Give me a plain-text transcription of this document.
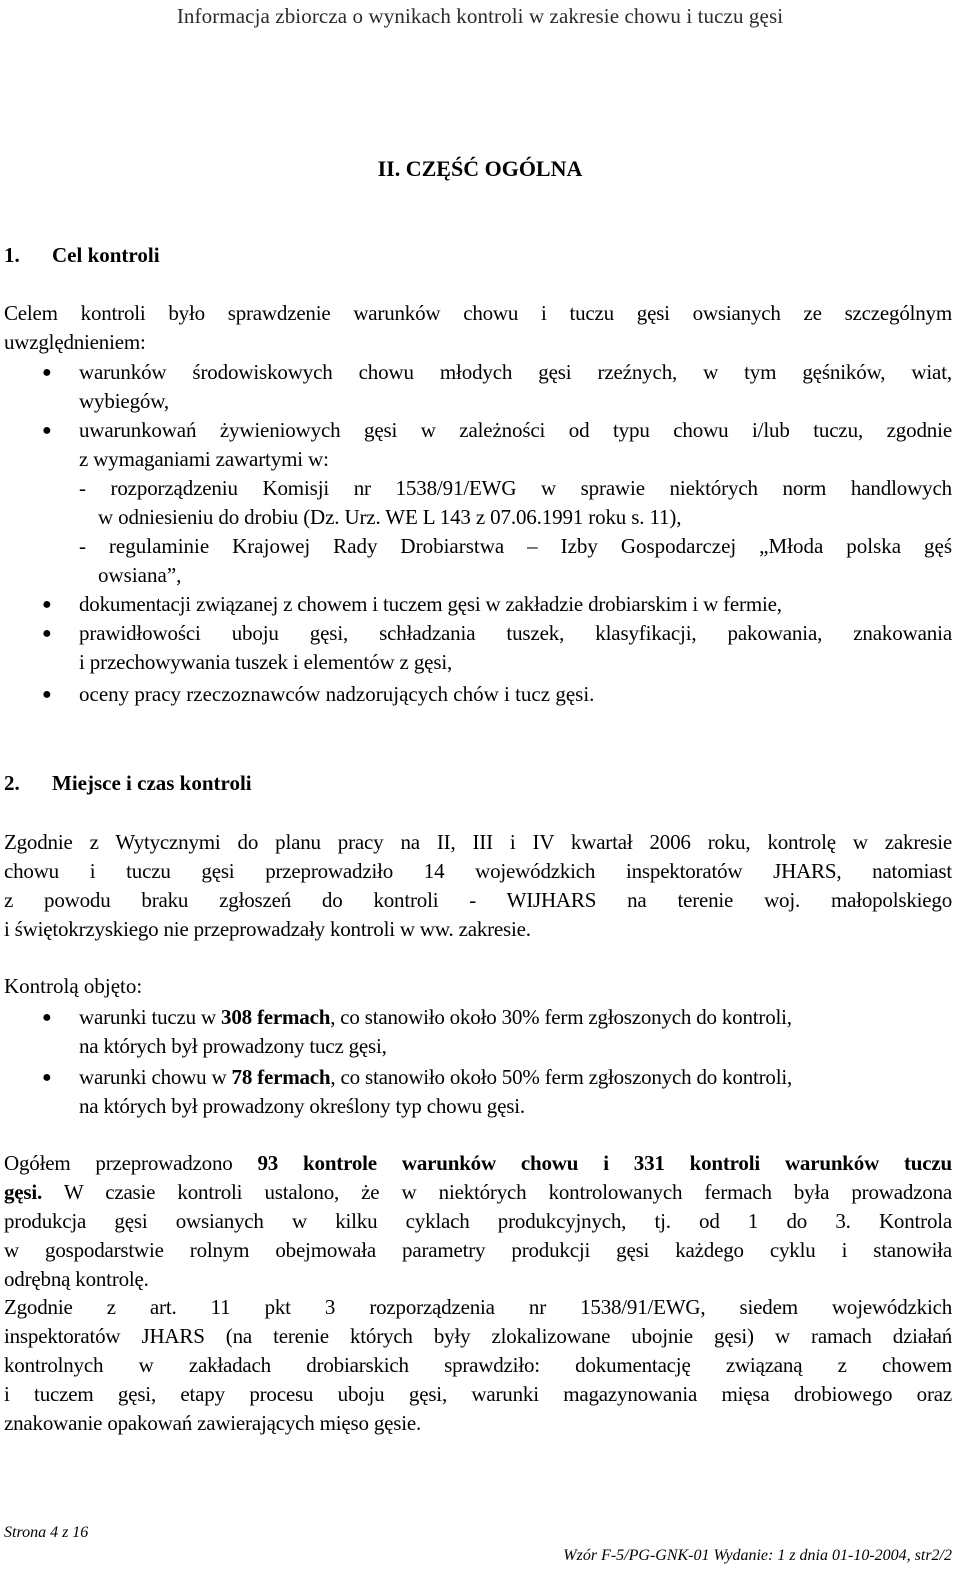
Informacja zbiorcza o wynikach kontroli w zakresie chowu i tuczu gęsi
II. CZĘŚĆ OGÓLNA
1. Cel kontroli
Celem kontroli było sprawdzenie warunków chowu i tuczu gęsi owsianych ze szczególnym
uwzględnieniem:
● warunków środowiskowych chowu młodych gęsi rzeźnych, w tym gęśników, wiat,
wybiegów,
● uwarunkowań żywieniowych gęsi w zależności od typu chowu i/lub tuczu, zgodnie
z wymaganiami zawartymi w:
- rozporządzeniu Komisji nr 1538/91/EWG w sprawie niektórych norm handlowych
w odniesieniu do drobiu (Dz. Urz. WE L 143 z 07.06.1991 roku s. 11),
- regulaminie Krajowej Rady Drobiarstwa – Izby Gospodarczej „Młoda polska gęś
owsiana”,
● dokumentacji związanej z chowem i tuczem gęsi w zakładzie drobiarskim i w fermie,
● prawidłowości uboju gęsi, schładzania tuszek, klasyfikacji, pakowania, znakowania
i przechowywania tuszek i elementów z gęsi,
● oceny pracy rzeczoznawców nadzorujących chów i tucz gęsi.
2. Miejsce i czas kontroli
Zgodnie z Wytycznymi do planu pracy na II, III i IV kwartał 2006 roku, kontrolę w zakresie
chowu i tuczu gęsi przeprowadziło 14 wojewódzkich inspektoratów JHARS, natomiast
z powodu braku zgłoszeń do kontroli - WIJHARS na terenie woj. małopolskiego
i świętokrzyskiego nie przeprowadzały kontroli w ww. zakresie.
Kontrolą objęto:
● warunki tuczu w 308 fermach, co stanowiło około 30% ferm zgłoszonych do kontroli,
na których był prowadzony tucz gęsi,
● warunki chowu w 78 fermach, co stanowiło około 50% ferm zgłoszonych do kontroli,
na których był prowadzony określony typ chowu gęsi.
Ogółem przeprowadzono 93 kontrole warunków chowu i 331 kontroli warunków tuczu
gęsi. W czasie kontroli ustalono, że w niektórych kontrolowanych fermach była prowadzona
produkcja gęsi owsianych w kilku cyklach produkcyjnych, tj. od 1 do 3. Kontrola
w gospodarstwie rolnym obejmowała parametry produkcji gęsi każdego cyklu i stanowiła
odrębną kontrolę.
Zgodnie z art. 11 pkt 3 rozporządzenia nr 1538/91/EWG, siedem wojewódzkich
inspektoratów JHARS (na terenie których były zlokalizowane ubojnie gęsi) w ramach działań
kontrolnych w zakładach drobiarskich sprawdziło: dokumentację związaną z chowem
i tuczem gęsi, etapy procesu uboju gęsi, warunki magazynowania mięsa drobiowego oraz
znakowanie opakowań zawierających mięso gęsie.
Strona 4 z 16
Wzór F-5/PG-GNK-01 Wydanie: 1 z dnia 01-10-2004, str2/2
